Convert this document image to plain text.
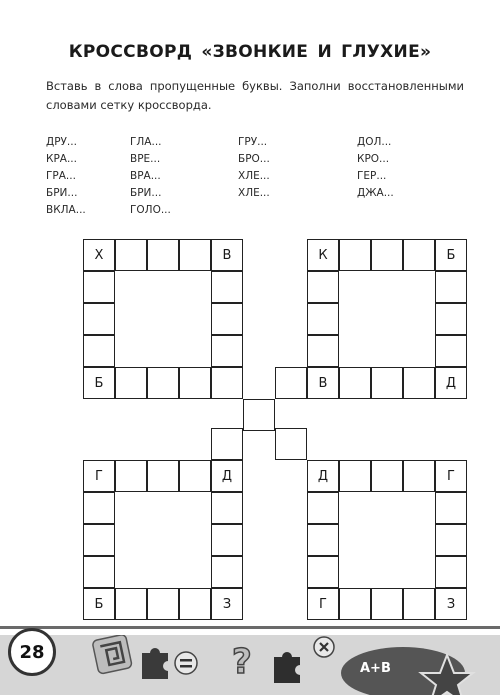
КРОССВОРД «ЗВОНКИЕ И ГЛУХИЕ»
Вставь в слова пропущенные буквы. Заполни восстановленными словами сетку кроссворда.
ДРУ...
КРА...
ГРА...
БРИ...
ВКЛА...
ГЛА...
ВРЕ...
ВРА...
БРИ...
ГОЛО...
ГРУ...
БРО...
ХЛЕ...
ХЛЕ...
ДОЛ...
КРО...
ГЕР...
ДЖА...
Х	В
Б
К	Б
В	Д
Г	Д
Б	З
Д	Г
Г	З
?	A+B
28
